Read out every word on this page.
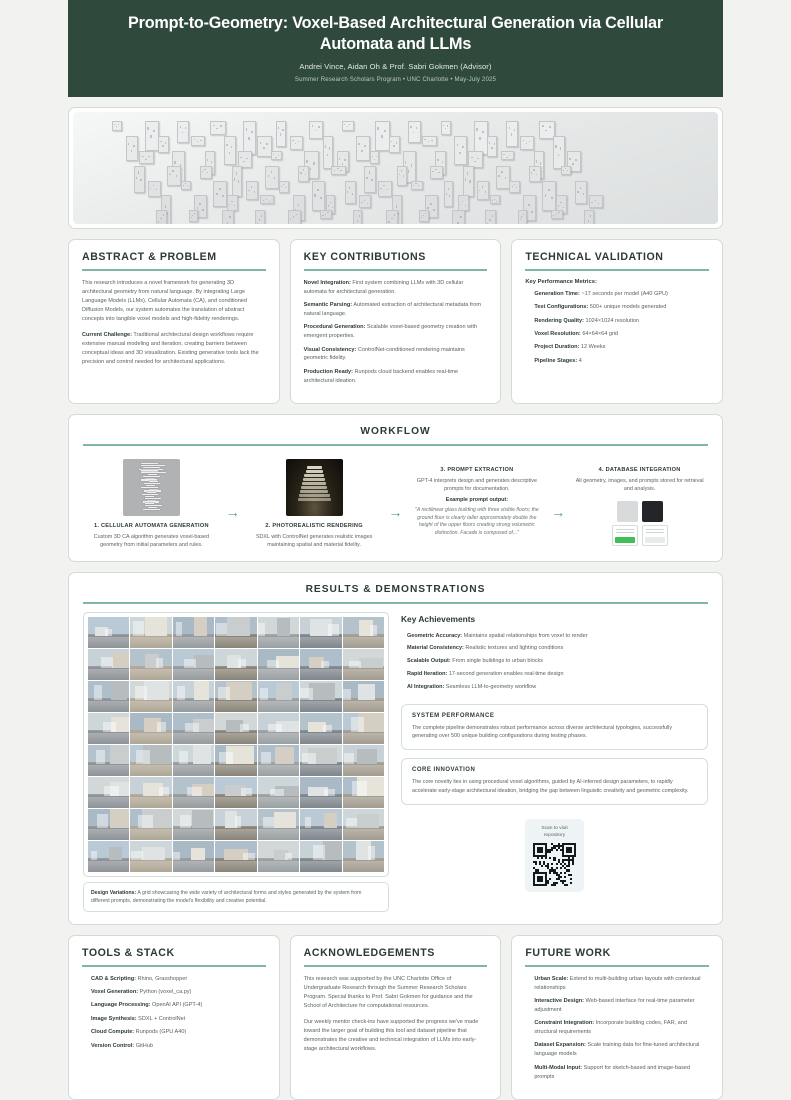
Prompt-to-Geometry: Voxel-Based Architectural Generation via Cellular Automata and LLMs
Andrei Vince, Aidan Oh & Prof. Sabri Gokmen (Advisor)
Summer Research Scholars Program • UNC Charlotte • May-July 2025
ABSTRACT & PROBLEM

This research introduces a novel framework for generating 3D architectural geometry from natural language. By integrating Large Language Models (LLMs), Cellular Automata (CA), and conditioned Diffusion Models, our system automates the translation of abstract concepts into tangible voxel models and high-fidelity renderings.

Current Challenge: Traditional architectural design workflows require extensive manual modeling and iteration, creating barriers between conceptual ideas and 3D visualization. Existing generative tools lack the precision and control needed for architectural applications.

KEY CONTRIBUTIONS

Novel Integration: First system combining LLMs with 3D cellular automata for architectural generation.

Semantic Parsing: Automated extraction of architectural metadata from natural language.

Procedural Generation: Scalable voxel-based geometry creation with emergent properties.

Visual Consistency: ControlNet-conditioned rendering maintains geometric fidelity.

Production Ready: Runpods cloud backend enables real-time architectural ideation.

TECHNICAL VALIDATION

Key Performance Metrics:

Generation Time: ~17 seconds per model (A40 GPU)

Test Configurations: 500+ unique models generated

Rendering Quality: 1024×1024 resolution

Voxel Resolution: 64×64×64 grid

Project Duration: 12 Weeks

Pipeline Stages: 4

WORKFLOW
1. CELLULAR AUTOMATA GENERATION

Custom 3D CA algorithm generates voxel-based geometry from initial parameters and rules.

→
2. PHOTOREALISTIC RENDERING

SDXL with ControlNet generates realistic images maintaining spatial and material fidelity.

→
3. PROMPT EXTRACTION

GPT-4 interprets design and generates descriptive prompts for documentation.

Example prompt output:

"A rectilinear glass building with three visible floors; the ground floor is clearly taller approximately double the height of the upper floors creating strong volumetric distinction. Facade is composed of..."

→
4. DATABASE INTEGRATION

All geometry, images, and prompts stored for retrieval and analysis.

RESULTS & DEMONSTRATIONS
Design Variations: A grid showcasing the wide variety of architectural forms and styles generated by the system from different prompts, demonstrating the model's flexibility and creative potential.
Key Achievements

Geometric Accuracy: Maintains spatial relationships from voxel to render

Material Consistency: Realistic textures and lighting conditions

Scalable Output: From single buildings to urban blocks

Rapid Iteration: 17-second generation enables real-time design

AI Integration: Seamless LLM-to-geometry workflow

SYSTEM PERFORMANCE

The complete pipeline demonstrates robust performance across diverse architectural typologies, successfully generating over 500 unique building configurations during testing phases.

CORE INNOVATION

The core novelty lies in using procedural voxel algorithms, guided by AI-inferred design parameters, to rapidly accelerate early-stage architectural ideation, bridging the gap between linguistic creativity and geometric complexity.

Scan to visit
repository
TOOLS & STACK

CAD & Scripting: Rhino, Grasshopper

Voxel Generation: Python (voxel_ca.py)

Language Processing: OpenAI API (GPT-4)

Image Synthesis: SDXL + ControlNet

Cloud Compute: Runpods (GPU A40)

Version Control: GitHub

ACKNOWLEDGEMENTS

This research was supported by the UNC Charlotte Office of Undergraduate Research through the Summer Research Scholars Program. Special thanks to Prof. Sabri Gokmen for guidance and the School of Architecture for computational resources.

Our weekly mentor check-ins have supported the progress we've made toward the larger goal of building this tool and dataset pipeline that demonstrates the creative and technical integration of LLMs into early-stage architectural workflows.

FUTURE WORK

Urban Scale: Extend to multi-building urban layouts with contextual relationships

Interactive Design: Web-based interface for real-time parameter adjustment

Constraint Integration: Incorporate building codes, FAR, and structural requirements

Dataset Expansion: Scale training data for fine-tuned architectural language models

Multi-Modal Input: Support for sketch-based and image-based prompts
